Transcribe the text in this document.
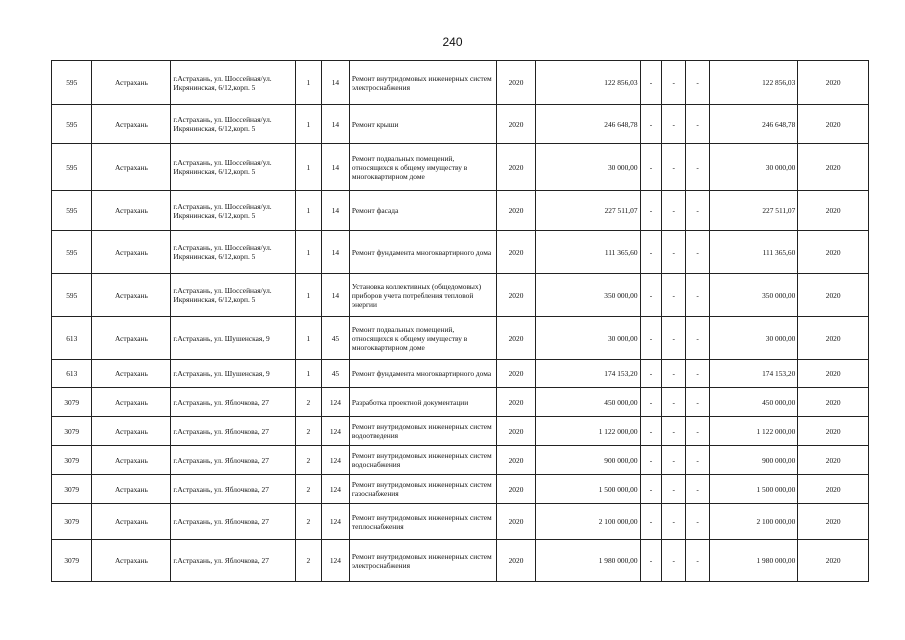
240
595	Астрахань	г.Астрахань, ул. Шоссейная/ул. Икрянинская, 6/12,корп. 5	1	14	Ремонт внутридомовых инженерных систем электроснабжения	2020	122 856,03	-	-	-	122 856,03	2020
595	Астрахань	г.Астрахань, ул. Шоссейная/ул. Икрянинская, 6/12,корп. 5	1	14	Ремонт крыши	2020	246 648,78	-	-	-	246 648,78	2020
595	Астрахань	г.Астрахань, ул. Шоссейная/ул. Икрянинская, 6/12,корп. 5	1	14	Ремонт подвальных помещений, относящихся к общему имуществу в многоквартирном доме	2020	30 000,00	-	-	-	30 000,00	2020
595	Астрахань	г.Астрахань, ул. Шоссейная/ул. Икрянинская, 6/12,корп. 5	1	14	Ремонт фасада	2020	227 511,07	-	-	-	227 511,07	2020
595	Астрахань	г.Астрахань, ул. Шоссейная/ул. Икрянинская, 6/12,корп. 5	1	14	Ремонт фундамента многоквартирного дома	2020	111 365,60	-	-	-	111 365,60	2020
595	Астрахань	г.Астрахань, ул. Шоссейная/ул. Икрянинская, 6/12,корп. 5	1	14	Установка коллективных (общедомовых) приборов учета потребления тепловой энергии	2020	350 000,00	-	-	-	350 000,00	2020
613	Астрахань	г.Астрахань, ул. Шушенская, 9	1	45	Ремонт подвальных помещений, относящихся к общему имуществу в многоквартирном доме	2020	30 000,00	-	-	-	30 000,00	2020
613	Астрахань	г.Астрахань, ул. Шушенская, 9	1	45	Ремонт фундамента многоквартирного дома	2020	174 153,20	-	-	-	174 153,20	2020
3079	Астрахань	г.Астрахань, ул. Яблочкова, 27	2	124	Разработка проектной документации	2020	450 000,00	-	-	-	450 000,00	2020
3079	Астрахань	г.Астрахань, ул. Яблочкова, 27	2	124	Ремонт внутридомовых инженерных систем водоотведения	2020	1 122 000,00	-	-	-	1 122 000,00	2020
3079	Астрахань	г.Астрахань, ул. Яблочкова, 27	2	124	Ремонт внутридомовых инженерных систем водоснабжения	2020	900 000,00	-	-	-	900 000,00	2020
3079	Астрахань	г.Астрахань, ул. Яблочкова, 27	2	124	Ремонт внутридомовых инженерных систем газоснабжения	2020	1 500 000,00	-	-	-	1 500 000,00	2020
3079	Астрахань	г.Астрахань, ул. Яблочкова, 27	2	124	Ремонт внутридомовых инженерных систем теплоснабжения	2020	2 100 000,00	-	-	-	2 100 000,00	2020
3079	Астрахань	г.Астрахань, ул. Яблочкова, 27	2	124	Ремонт внутридомовых инженерных систем электроснабжения	2020	1 980 000,00	-	-	-	1 980 000,00	2020
